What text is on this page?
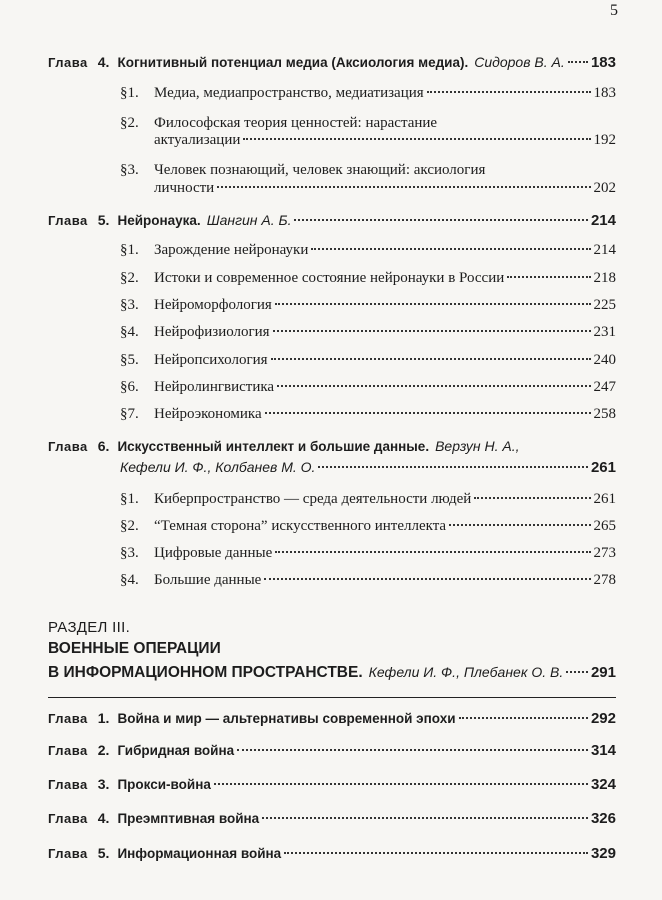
5
Глава 4. Когнитивный потенциал медиа (Аксиология медиа). Сидоров В. А. 183
§1.	Медиа, медиапространство, медиатизация	183
§2.	Философская теория ценностей: нарастание
актуализации	192
§3.	Человек познающий, человек знающий: аксиология
личности	202
Глава 5. Нейронаука. Шангин А. Б.	214
§1.	Зарождение нейронауки	214
§2.	Истоки и современное состояние нейронауки в России	218
§3.	Нейроморфология	225
§4.	Нейрофизиология	231
§5.	Нейропсихология	240
§6.	Нейролингвистика	247
§7.	Нейроэкономика	258
Глава 6. Искусственный интеллект и большие данные. Верзун Н. А.,
Кефели И. Ф., Колбанев М. О.	261
§1.	Киберпространство — среда деятельности людей	261
§2.	“Темная сторона” искусственного интеллекта	265
§3.	Цифровые данные	273
§4.	Большие данные	278
РАЗДЕЛ III.
ВОЕННЫЕ ОПЕРАЦИИ
В ИНФОРМАЦИОННОМ ПРОСТРАНСТВЕ. Кефели И. Ф., Плебанек О. В. 291
Глава 1. Война и мир — альтернативы современной эпохи	292
Глава 2. Гибридная война	314
Глава 3. Прокси-война	324
Глава 4. Преэмптивная война	326
Глава 5. Информационная война	329
